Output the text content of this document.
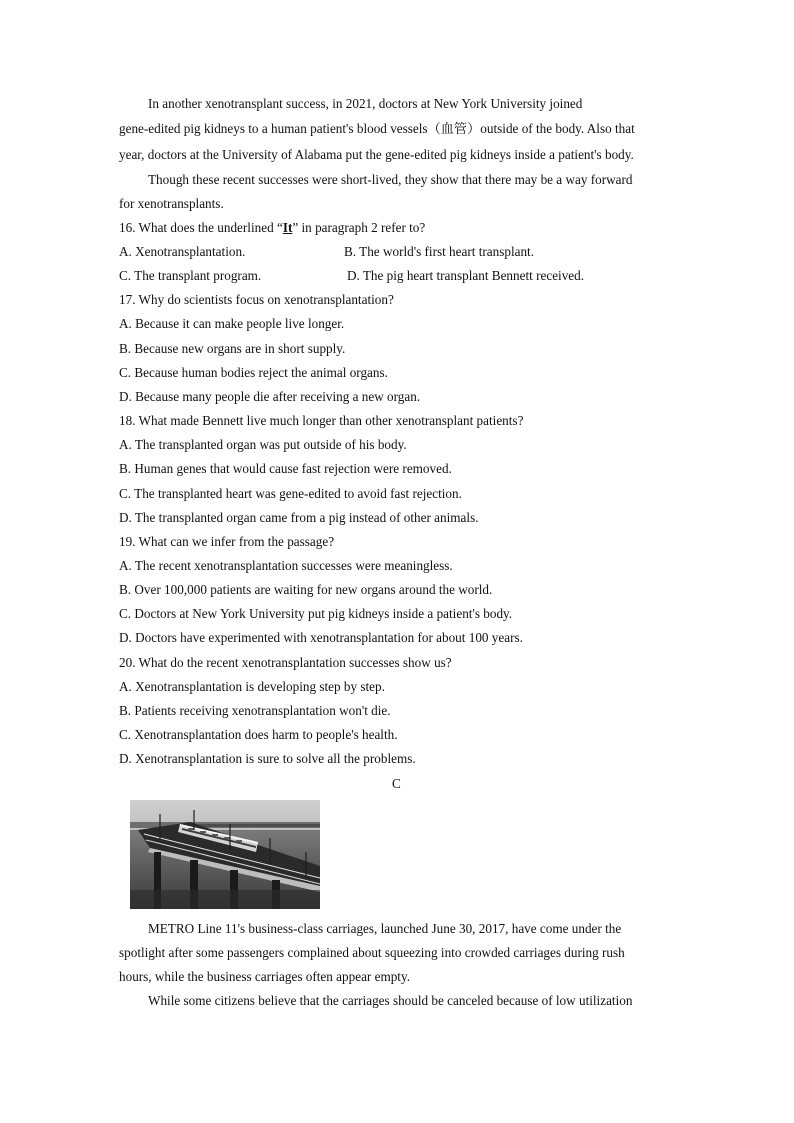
In another xenotransplant success, in 2021, doctors at New York University joined
gene-edited pig kidneys to a human patient's blood vessels（血管）outside of the body. Also that
year, doctors at the University of Alabama put the gene-edited pig kidneys inside a patient's body.
Though these recent successes were short-lived, they show that there may be a way forward
for xenotransplants.
16. What does the underlined “It” in paragraph 2 refer to?
A. Xenotransplantation.	B. The world's first heart transplant.
C. The transplant program.	D. The pig heart transplant Bennett received.
17. Why do scientists focus on xenotransplantation?
A. Because it can make people live longer.
B. Because new organs are in short supply.
C. Because human bodies reject the animal organs.
D. Because many people die after receiving a new organ.
18. What made Bennett live much longer than other xenotransplant patients?
A. The transplanted organ was put outside of his body.
B. Human genes that would cause fast rejection were removed.
C. The transplanted heart was gene-edited to avoid fast rejection.
D. The transplanted organ came from a pig instead of other animals.
19. What can we infer from the passage?
A. The recent xenotransplantation successes were meaningless.
B. Over 100,000 patients are waiting for new organs around the world.
C. Doctors at New York University put pig kidneys inside a patient's body.
D. Doctors have experimented with xenotransplantation for about 100 years.
20. What do the recent xenotransplantation successes show us?
A. Xenotransplantation is developing step by step.
B. Patients receiving xenotransplantation won't die.
C. Xenotransplantation does harm to people's health.
D. Xenotransplantation is sure to solve all the problems.
C
METRO Line 11's business-class carriages, launched June 30, 2017, have come under the
spotlight after some passengers complained about squeezing into crowded carriages during rush
hours, while the business carriages often appear empty.
While some citizens believe that the carriages should be canceled because of low utilization
